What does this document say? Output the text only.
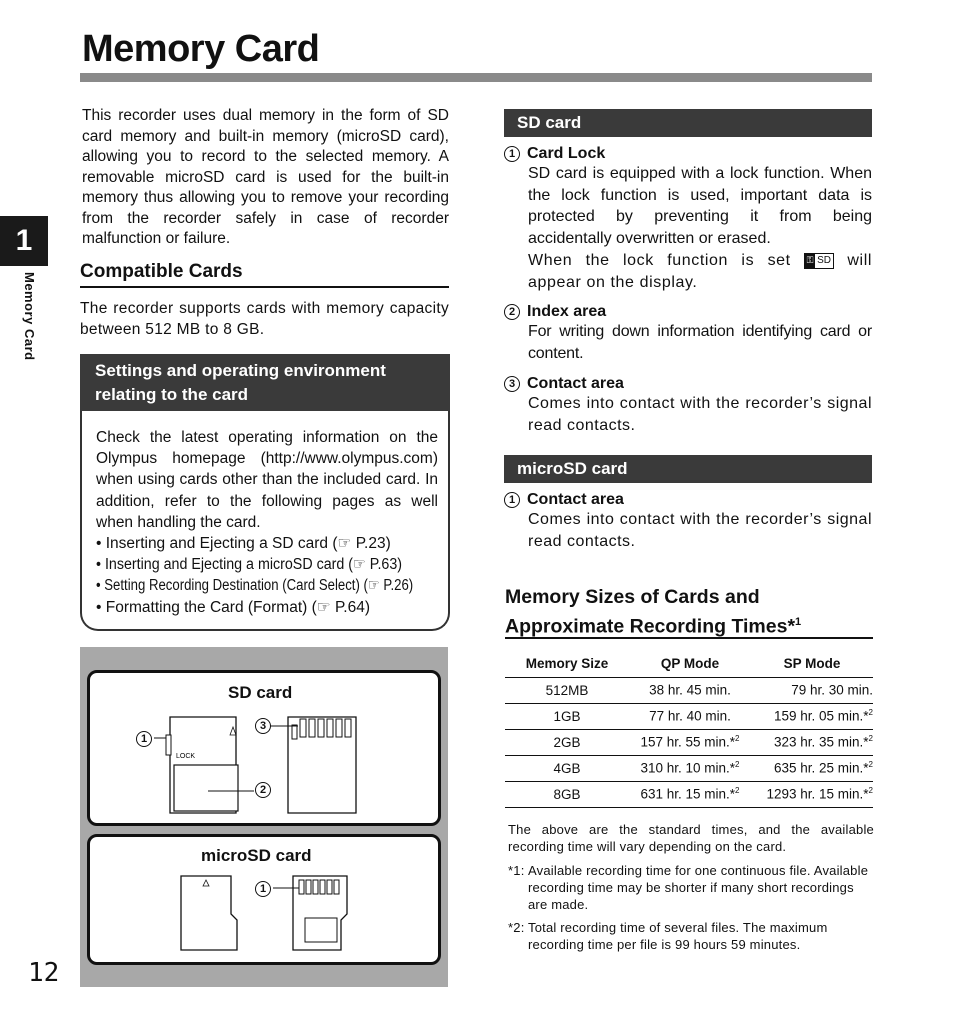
Memory Card
1
Memory Card
12

This recorder uses dual memory in the form of SD card memory and built-in memory (microSD card), allowing you to record to the selected memory. A removable microSD card is used for the built-in memory thus allowing you to remove your recording from the recorder safely in case of recorder malfunction or failure.

Compatible Cards

The recorder supports cards with memory capacity between 512 MB to 8 GB.

Settings and operating environment relating to the card

Check the latest operating information on the Olympus homepage (http://www.olympus.com) when using cards other than the included card. In addition, refer to the following pages as well when handling the card.

• Inserting and Ejecting a SD card (☞ P.23)
• Inserting and Ejecting a microSD card (☞ P.63)
• Setting Recording Destination (Card Select) (☞ P.26)
• Formatting the Card (Format) (☞ P.64)
SD card
LOCK
1
2
3
microSD card
1
SD card
1 Card Lock

SD card is equipped with a lock function. When the lock function is used, important data is protected by preventing it from being accidentally overwritten or erased.

When the lock function is set ⚿ SD will appear on the display.

2 Index area

For writing down information identifying card or content.

3 Contact area

Comes into contact with the recorder’s signal read contacts.

microSD card
1 Contact area

Comes into contact with the recorder’s signal read contacts.

Memory Sizes of Cards and Approximate Recording Times*$^1$
Memory Size	QP Mode	SP Mode
512MB	38 hr. 45 min.	79 hr. 30 min.
1GB	77 hr. 40 min.	159 hr. 05 min.*$^2$
2GB	157 hr. 55 min.*$^2$	323 hr. 35 min.*$^2$
4GB	310 hr. 10 min.*$^2$	635 hr. 25 min.*$^2$
8GB	631 hr. 15 min.*$^2$	1293 hr. 15 min.*$^2$
The above are the standard times, and the available recording time will vary depending on the card.
*1: Available recording time for one continuous file. Available recording time may be shorter if many short recordings are made.
*2: Total recording time of several files. The maximum recording time per file is 99 hours 59 minutes.
